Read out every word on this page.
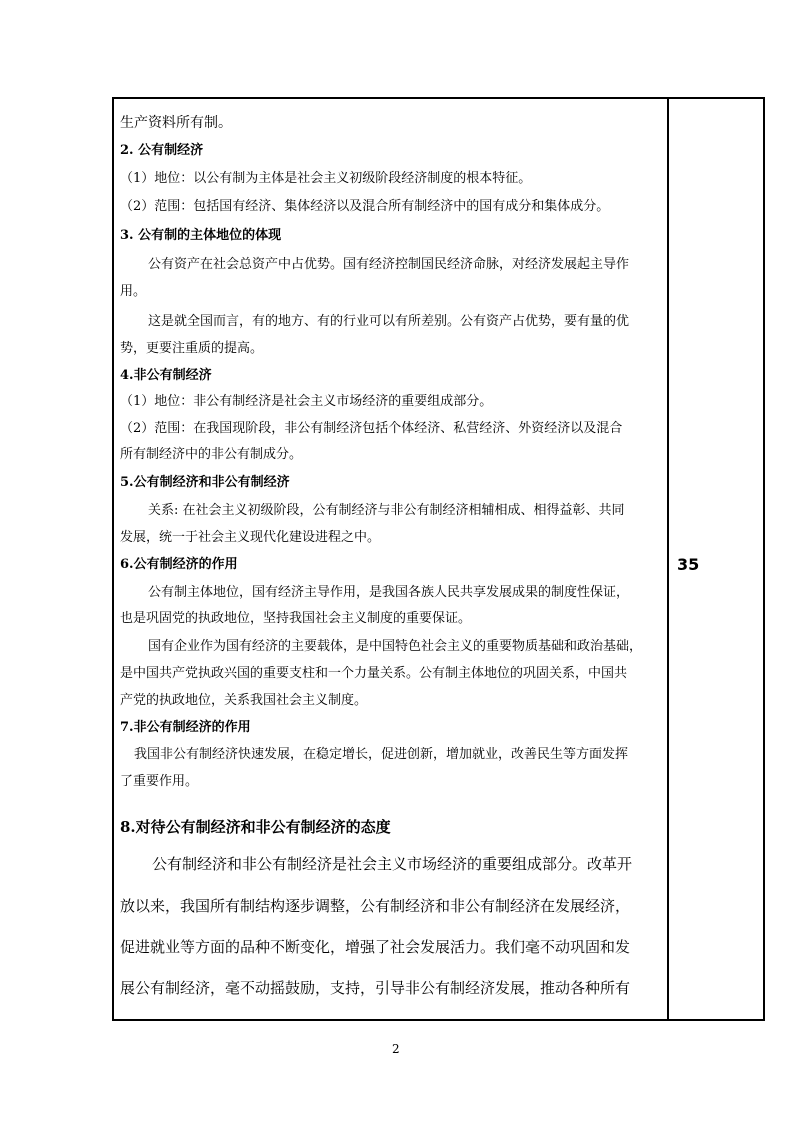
生产资料所有制。
2. 公有制经济
（1）地位：以公有制为主体是社会主义初级阶段经济制度的根本特征。
（2）范围：包括国有经济、集体经济以及混合所有制经济中的国有成分和集体成分。
3. 公有制的主体地位的体现
公有资产在社会总资产中占优势。国有经济控制国民经济命脉，对经济发展起主导作
用。
这是就全国而言，有的地方、有的行业可以有所差别。公有资产占优势，要有量的优
势，更要注重质的提高。
4.非公有制经济
（1）地位：非公有制经济是社会主义市场经济的重要组成部分。
（2）范围：在我国现阶段，非公有制经济包括个体经济、私营经济、外资经济以及混合
所有制经济中的非公有制成分。
5.公有制经济和非公有制经济
关系: 在社会主义初级阶段，公有制经济与非公有制经济相辅相成、相得益彰、共同
发展，统一于社会主义现代化建设进程之中。
6.公有制经济的作用
公有制主体地位，国有经济主导作用，是我国各族人民共享发展成果的制度性保证，
也是巩固党的执政地位，坚持我国社会主义制度的重要保证。
国有企业作为国有经济的主要载体，是中国特色社会主义的重要物质基础和政治基础，
是中国共产党执政兴国的重要支柱和一个力量关系。公有制主体地位的巩固关系，中国共
产党的执政地位，关系我国社会主义制度。
7.非公有制经济的作用
我国非公有制经济快速发展，在稳定增长，促进创新，增加就业，改善民生等方面发挥
了重要作用。
8.对待公有制经济和非公有制经济的态度
公有制经济和非公有制经济是社会主义市场经济的重要组成部分。改革开
放以来，我国所有制结构逐步调整，公有制经济和非公有制经济在发展经济，
促进就业等方面的品种不断变化，增强了社会发展活力。我们毫不动巩固和发
展公有制经济，毫不动摇鼓励，支持，引导非公有制经济发展，推动各种所有
35
2
